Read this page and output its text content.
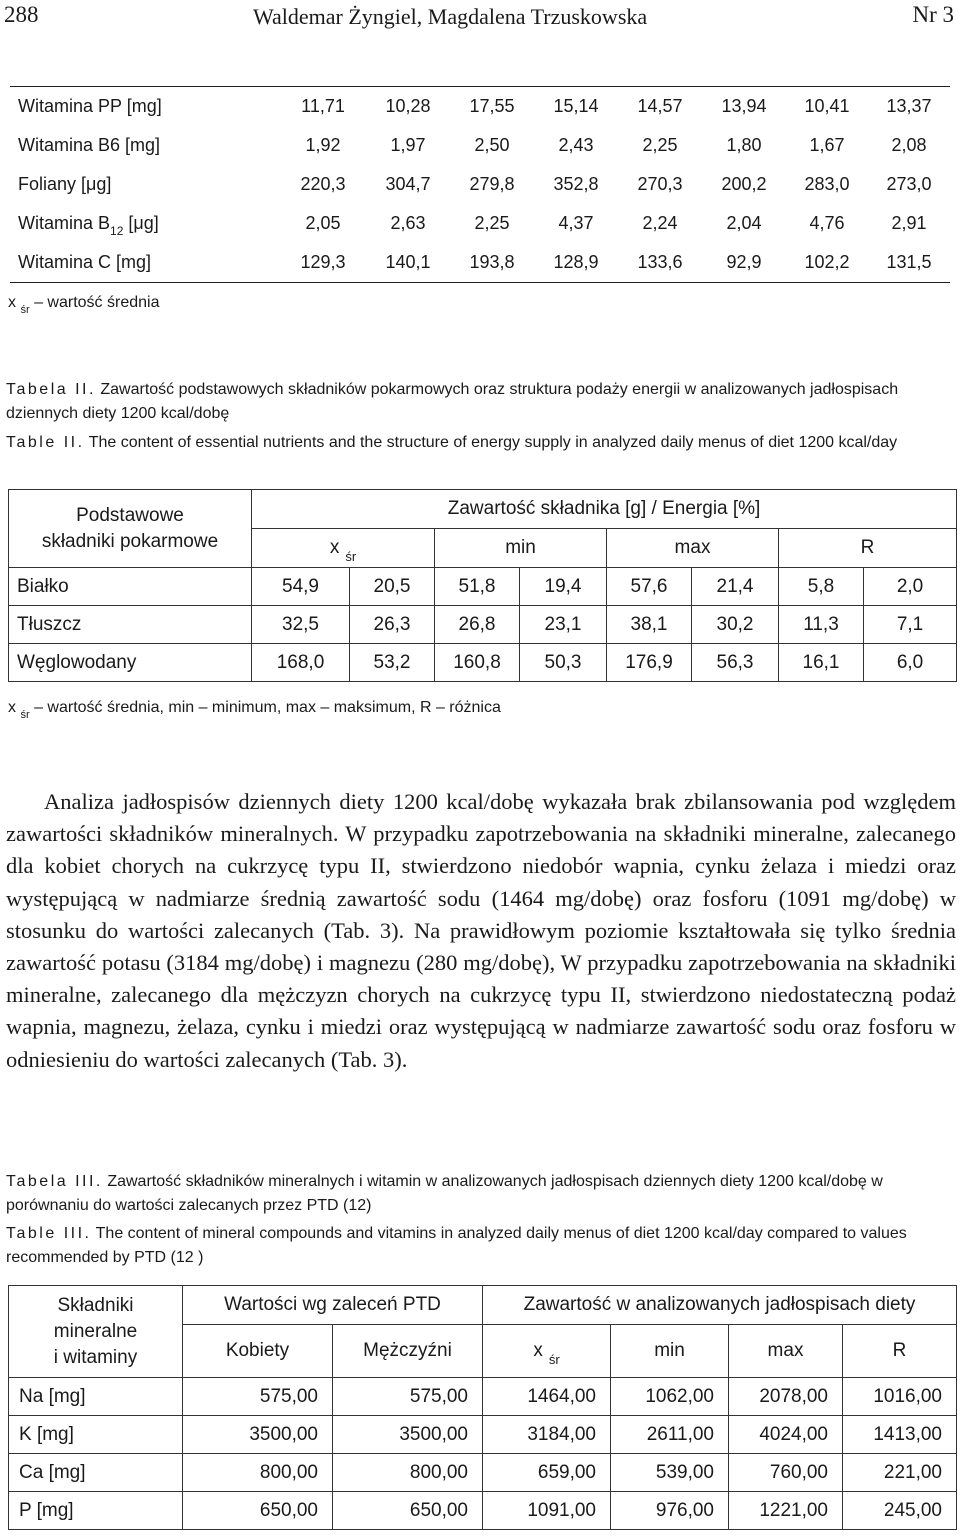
288	Waldemar Żyngiel, Magdalena Trzuskowska	Nr 3
Witamina PP [mg]	11,71	10,28	17,55	15,14	14,57	13,94	10,41	13,37
Witamina B6 [mg]	1,92	1,97	2,50	2,43	2,25	1,80	1,67	2,08
Foliany [μg]	220,3	304,7	279,8	352,8	270,3	200,2	283,0	273,0
Witamina $B_{12}$ [μg]	2,05	2,63	2,25	4,37	2,24	2,04	4,76	2,91
Witamina C [mg]	129,3	140,1	193,8	128,9	133,6	92,9	102,2	131,5
x $_{śr}$ – wartość średnia
Tabela II. Zawartość podstawowych składników pokarmowych oraz struktura podaży energii w analizowanych jadłospisach dziennych diety 1200 kcal/dobę
Table II. The content of essential nutrients and the structure of energy supply in analyzed daily menus of diet 1200 kcal/day
Podstawowe
składniki pokarmowe	Zawartość składnika [g] / Energia [%]							
	x $_{śr}$		min		max		R	
Białko	54,9	20,5	51,8	19,4	57,6	21,4	5,8	2,0
Tłuszcz	32,5	26,3	26,8	23,1	38,1	30,2	11,3	7,1
Węglowodany	168,0	53,2	160,8	50,3	176,9	56,3	16,1	6,0
x $_{śr}$ – wartość średnia, min – minimum, max – maksimum, R – różnica

Analiza jadłospisów dziennych diety 1200 kcal/dobę wykazała brak zbilansowania pod względem zawartości składników mineralnych. W przypadku zapotrzebowania na składniki mineralne, zalecanego dla kobiet chorych na cukrzycę typu II, stwierdzono niedobór wapnia, cynku żelaza i miedzi oraz występującą w nadmiarze średnią zawartość sodu (1464 mg/dobę) oraz fosforu (1091 mg/dobę) w stosunku do wartości zalecanych (Tab. 3). Na prawidłowym poziomie kształtowała się tylko średnia zawartość potasu (3184 mg/dobę) i magnezu (280 mg/dobę), W przypadku zapotrzebowania na składniki mineralne, zalecanego dla mężczyzn chorych na cukrzycę typu II, stwierdzono niedostateczną podaż wapnia, magnezu, żelaza, cynku i miedzi oraz występującą w nadmiarze zawartość sodu oraz fosforu w odniesieniu do wartości zalecanych (Tab. 3).

Tabela III. Zawartość składników mineralnych i witamin w analizowanych jadłospisach dziennych diety 1200 kcal/dobę w porównaniu do wartości zalecanych przez PTD (12)
Table III. The content of mineral compounds and vitamins in analyzed daily menus of diet 1200 kcal/day compared to values recommended by PTD (12 )
Składniki
mineralne
i witaminy	Wartości wg zaleceń PTD		Zawartość w analizowanych jadłospisach diety			
	Kobiety	Mężczyźni	x $_{śr}$	min	max	R
Na [mg]	575,00	575,00	1464,00	1062,00	2078,00	1016,00
K [mg]	3500,00	3500,00	3184,00	2611,00	4024,00	1413,00
Ca [mg]	800,00	800,00	659,00	539,00	760,00	221,00
P [mg]	650,00	650,00	1091,00	976,00	1221,00	245,00
